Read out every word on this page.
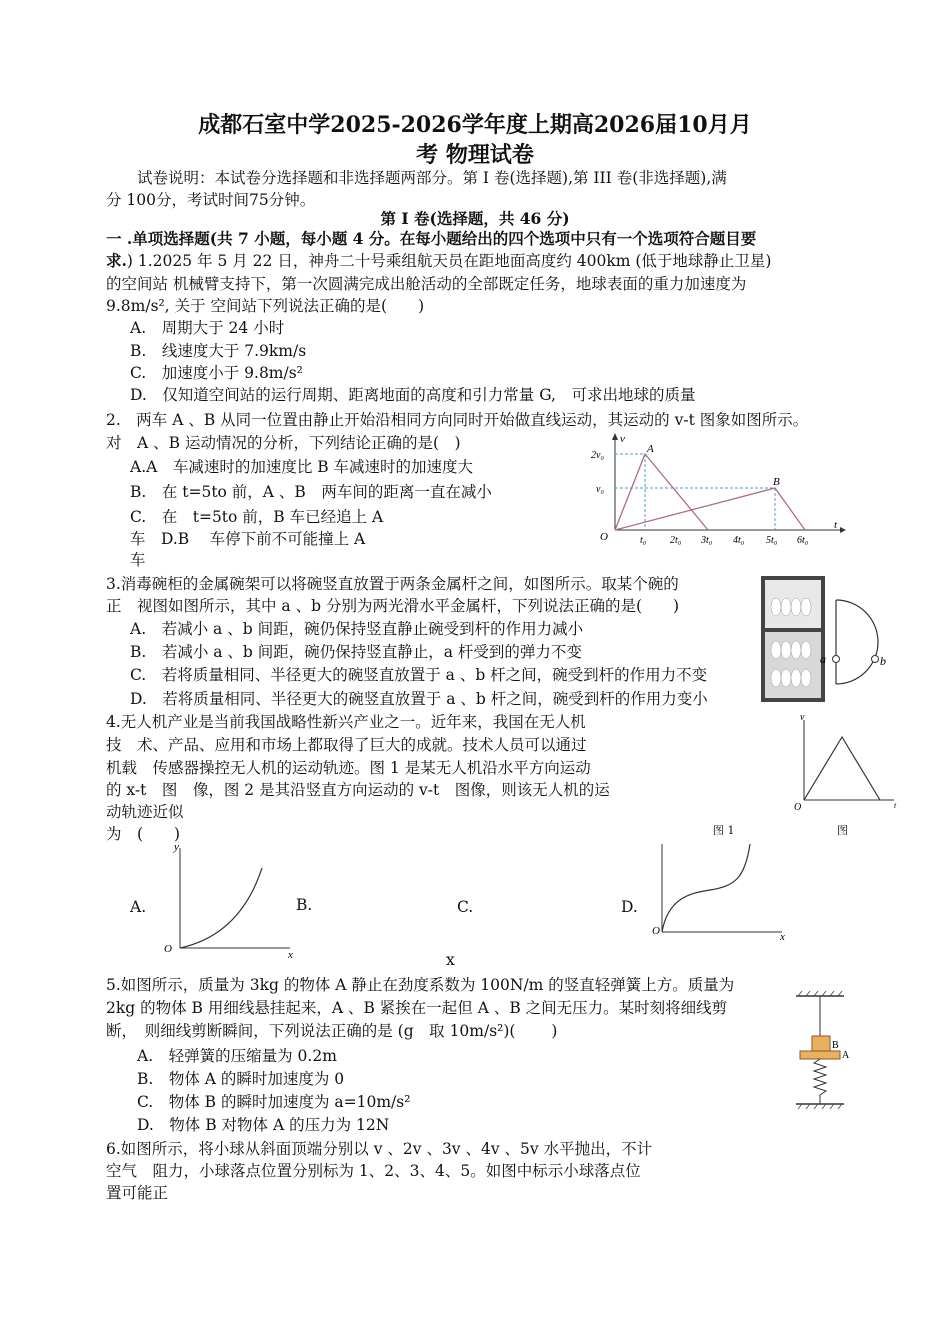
成都石室中学2025-2026学年度上期高2026届10月月
考 物理试卷
试卷说明：本试卷分选择题和非选择题两部分。第 I 卷(选择题),第 III 卷(非选择题),满
分 100分，考试时间75分钟。
第 I 卷(选择题，共 46 分)
一 .单项选择题(共 7 小题，每小题 4 分。在每小题给出的四个选项中只有一个选项符合题目要
求.) 1.2025 年 5 月 22 日，神舟二十号乘组航天员在距地面高度约 400km (低于地球静止卫星)
的空间站 机械臂支持下，第一次圆满完成出舱活动的全部既定任务，地球表面的重力加速度为
9.8m/s², 关于 空间站下列说法正确的是(　　)
A.　周期大于 24 小时
B.　线速度大于 7.9km/s
C.　加速度小于 9.8m/s²
D.　仅知道空间站的运行周期、距离地面的高度和引力常量 G,　可求出地球的质量
2.　两车 A 、B 从同一位置由静止开始沿相同方向同时开始做直线运动，其运动的 v-t 图象如图所示。
对　A 、B 运动情况的分析，下列结论正确的是(　)
A.A　车减速时的加速度比 B 车减速时的加速度大
B.　在 t=5to 前，A 、B　两车间的距离一直在减小
C.　在　t=5to 前，B 车已经追上 A
车　D.B　 车停下前不可能撞上 A
车
v
t
O
2v₀
v₀
A
B
t₀ 2t₀ 3t₀ 4t₀ 5t₀ 6t₀
3.消毒碗柜的金属碗架可以将碗竖直放置于两条金属杆之间，如图所示。取某个碗的
正　视图如图所示，其中 a 、b 分别为两光滑水平金属杆，下列说法正确的是(　　)
A.　若减小 a 、b 间距，碗仍保持竖直静止碗受到杆的作用力减小
B.　若减小 a 、b 间距，碗仍保持竖直静止，a 杆受到的弹力不变
C.　若将质量相同、半径更大的碗竖直放置于 a 、b 杆之间，碗受到杆的作用力不变
D.　若将质量相同、半径更大的碗竖直放置于 a 、b 杆之间，碗受到杆的作用力变小
a	b
4.无人机产业是当前我国战略性新兴产业之一。近年来，我国在无人机
技　术、产品、应用和市场上都取得了巨大的成就。技术人员可以通过
机载　传感器操控无人机的运动轨迹。图 1 是某无人机沿水平方向运动
的 x-t　图　像，图 2 是其沿竖直方向运动的 v-t　图像，则该无人机的运
动轨迹近似
为　(　　)
v
t
O
图 1	图
A.
y
x
O
B.	C.
x
D.
x
O
5.如图所示，质量为 3kg 的物体 A 静止在劲度系数为 100N/m 的竖直轻弹簧上方。质量为
2kg 的物体 B 用细线悬挂起来，A 、B 紧挨在一起但 A 、B 之间无压力。某时刻将细线剪
断，　则细线剪断瞬间，下列说法正确的是 (g　取 10m/s²)(　　 )
A.　轻弹簧的压缩量为 0.2m
B.　物体 A 的瞬时加速度为 0
C.　物体 B 的瞬时加速度为 a=10m/s²
D.　物体 B 对物体 A 的压力为 12N
B
A
6.如图所示，将小球从斜面顶端分别以 v 、2v 、3v 、4v 、5v 水平抛出，不计
空气　阻力，小球落点位置分别标为 1、2、3、4、5。如图中标示小球落点位
置可能正
